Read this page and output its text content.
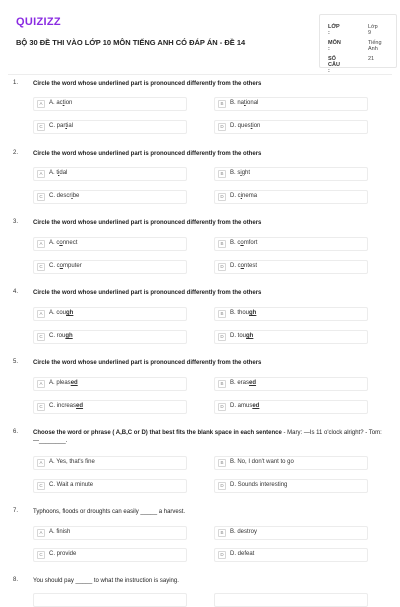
QUIZIZZ
BỘ 30 ĐỀ THI VÀO LỚP 10 MÔN TIẾNG ANH CÓ ĐÁP ÁN - ĐỀ 14
LỚP :
Lớp 9
MÔN :
Tiếng Anh
SỐ CÂU :
21
1. Circle the word whose underlined part is pronounced differently from the others
A	A. action	B	B. national
C	C. partial	D	D. question
2. Circle the word whose underlined part is pronounced differently from the others
A	A. tidal	B	B. sight
C	C. describe	D	D. cinema
3. Circle the word whose underlined part is pronounced differently from the others
A	A. connect	B	B. comfort
C	C. computer	D	D. contest
4. Circle the word whose underlined part is pronounced differently from the others
A	A. cough	B	B. though
C	C. rough	D	D. tough
5. Circle the word whose underlined part is pronounced differently from the others
A	A. pleased	B	B. erased
C	C. increased	D	D. amused
6. Choose the word or phrase ( A,B,C or D) that best fits the blank space in each sentence - Mary: —Is 11 o'clock alright? - Tom: —________.
A	A. Yes, that's fine	B	B. No, I don't want to go
C	C. Wait a minute	D	D. Sounds interesting
7. Typhoons, floods or droughts can easily _____ a harvest.
A	A. finish	B	B. destroy
C	C. provide	D	D. defeat
8. You should pay _____ to what the instruction is saying.
